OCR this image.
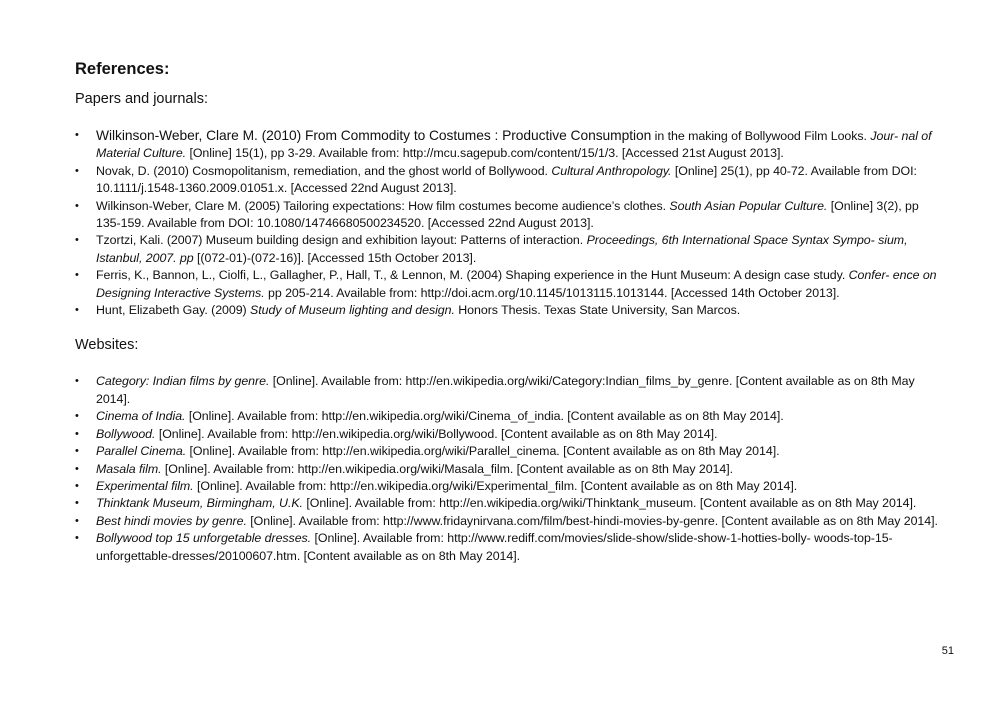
References:
Papers and journals:
• Wilkinson-Weber, Clare M. (2010) From Commodity to Costumes : Productive Consumption in the making of Bollywood Film Looks. Jour- nal of Material Culture. [Online] 15(1), pp 3-29. Available from: http://mcu.sagepub.com/content/15/1/3. [Accessed 21st August 2013].
• Novak, D. (2010) Cosmopolitanism, remediation, and the ghost world of Bollywood. Cultural Anthropology. [Online] 25(1), pp 40-72. Available from DOI: 10.1111/j.1548-1360.2009.01051.x. [Accessed 22nd August 2013].
• Wilkinson-Weber, Clare M. (2005) Tailoring expectations: How film costumes become audience’s clothes. South Asian Popular Culture. [Online] 3(2), pp 135-159. Available from DOI: 10.1080/14746680500234520. [Accessed 22nd August 2013].
• Tzortzi, Kali. (2007) Museum building design and exhibition layout: Patterns of interaction. Proceedings, 6th International Space Syntax Sympo- sium, Istanbul, 2007. pp [(072-01)-(072-16)]. [Accessed 15th October 2013].
• Ferris, K., Bannon, L., Ciolfi, L., Gallagher, P., Hall, T., & Lennon, M. (2004) Shaping experience in the Hunt Museum: A design case study. Confer- ence on Designing Interactive Systems. pp 205-214. Available from: http://doi.acm.org/10.1145/1013115.1013144. [Accessed 14th October 2013].
• Hunt, Elizabeth Gay. (2009) Study of Museum lighting and design. Honors Thesis. Texas State University, San Marcos.
Websites:
• Category: Indian films by genre. [Online]. Available from: http://en.wikipedia.org/wiki/Category:Indian_films_by_genre. [Content available as on 8th May 2014].
• Cinema of India. [Online]. Available from: http://en.wikipedia.org/wiki/Cinema_of_india. [Content available as on 8th May 2014].
• Bollywood. [Online]. Available from: http://en.wikipedia.org/wiki/Bollywood. [Content available as on 8th May 2014].
• Parallel Cinema. [Online]. Available from: http://en.wikipedia.org/wiki/Parallel_cinema. [Content available as on 8th May 2014].
• Masala film. [Online]. Available from: http://en.wikipedia.org/wiki/Masala_film. [Content available as on 8th May 2014].
• Experimental film. [Online]. Available from: http://en.wikipedia.org/wiki/Experimental_film. [Content available as on 8th May 2014].
• Thinktank Museum, Birmingham, U.K. [Online]. Available from: http://en.wikipedia.org/wiki/Thinktank_museum. [Content available as on 8th May 2014].
• Best hindi movies by genre. [Online]. Available from: http://www.fridaynirvana.com/film/best-hindi-movies-by-genre. [Content available as on 8th May 2014].
• Bollywood top 15 unforgetable dresses. [Online]. Available from: http://www.rediff.com/movies/slide-show/slide-show-1-hotties-bolly- woods-top-15-unforgettable-dresses/20100607.htm. [Content available as on 8th May 2014].
51
